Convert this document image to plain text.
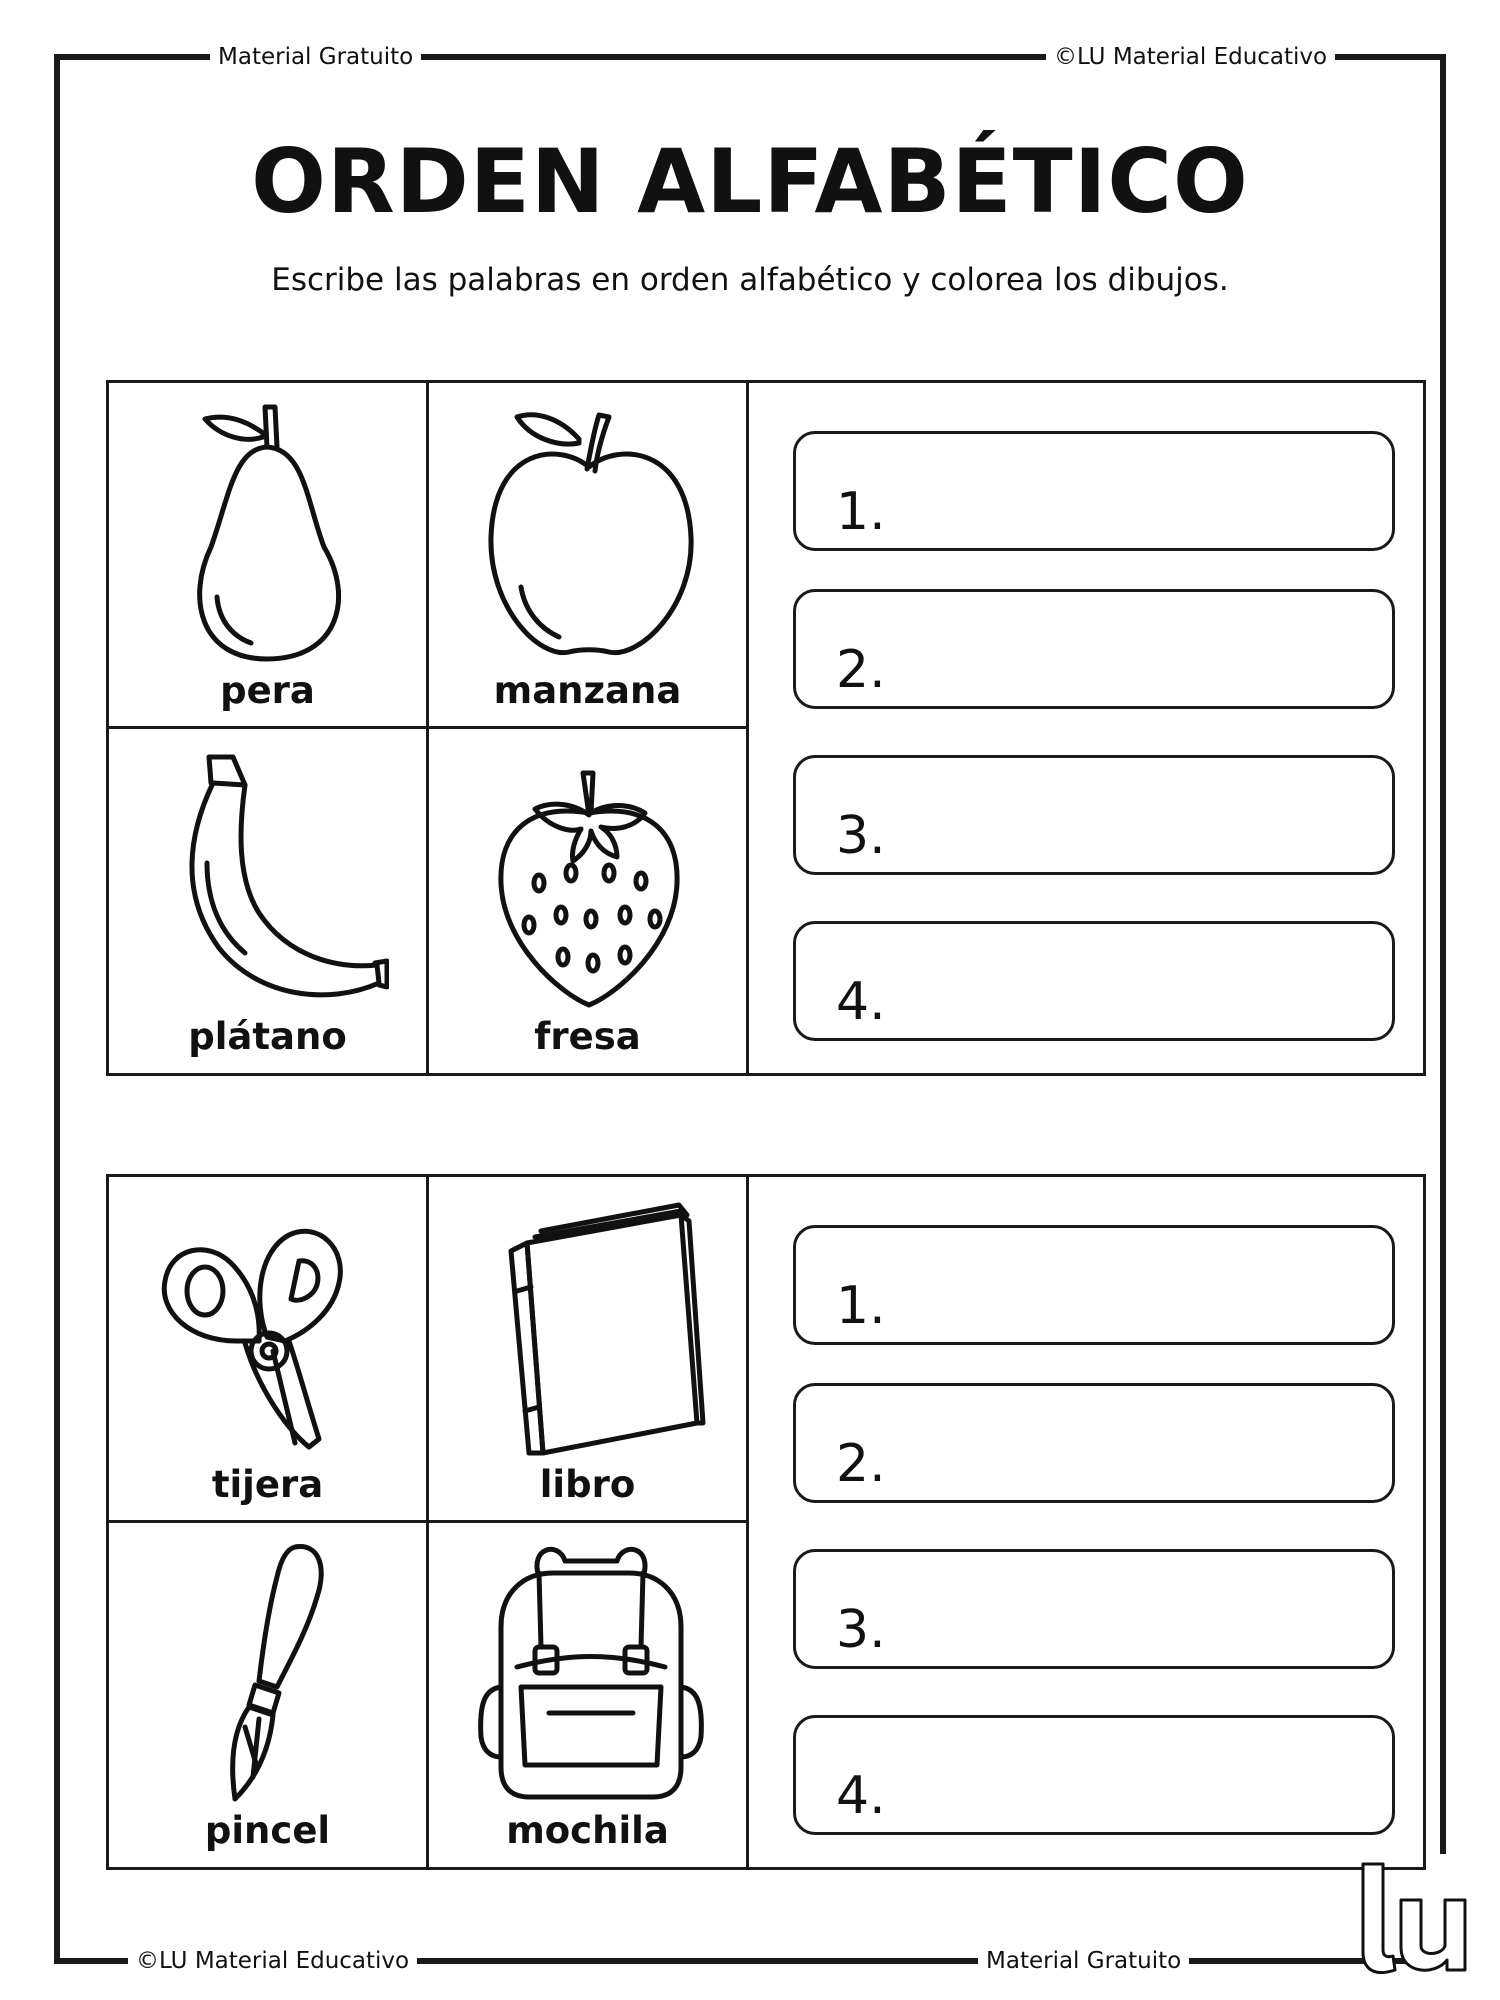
Material Gratuito	©LU Material Educativo
©LU Material Educativo	Material Gratuito
ORDEN ALFABÉTICO
Escribe las palabras en orden alfabético y colorea los dibujos.
pera	manzana
plátano	fresa
1.
2.
3.
4.
tijera	libro
pincel	mochila
1.
2.
3.
4.
